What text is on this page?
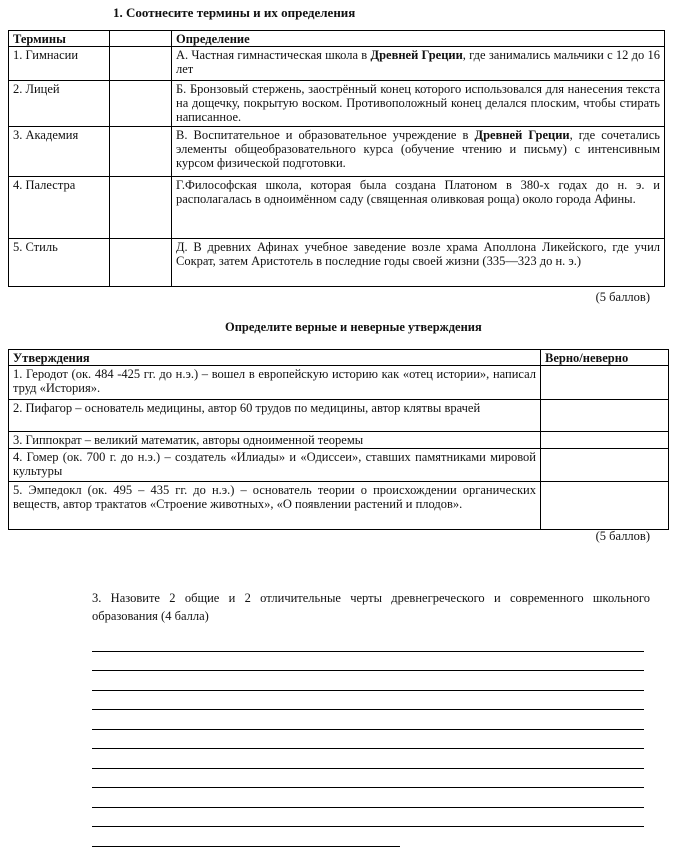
1. Соотнесите термины и их определения
Термины		Определение
1. Гимнасии		А. Частная гимнастическая школа в Древней Греции, где занимались мальчики с 12 до 16 лет
2. Лицей		Б. Бронзовый стержень, заострённый конец которого использовался для нанесения текста на дощечку, покрытую воском. Противоположный конец делался плоским, чтобы стирать написанное.
3. Академия		В. Воспитательное и образовательное учреждение в Древней Греции, где сочетались элементы общеобразовательного курса (обучение чтению и письму) с интенсивным курсом физической подготовки.
4. Палестра		Г.Философская школа, которая была создана Платоном в 380-х годах до н. э. и располагалась в одноимённом саду (священная оливковая роща) около города Афины.
5. Стиль		Д. В древних Афинах учебное заведение возле храма Аполлона Ликейского, где учил Сократ, затем Аристотель в последние годы своей жизни (335—323 до н. э.)
(5 баллов)
Определите верные и неверные утверждения
Утверждения	Верно/неверно
1. Геродот (ок. 484 -425 гг. до н.э.) – вошел в европейскую историю как «отец истории», написал труд «История».	
2. Пифагор – основатель медицины, автор 60 трудов по медицины, автор клятвы врачей	
3. Гиппократ – великий математик, авторы одноименной теоремы	
4. Гомер (ок. 700 г. до н.э.) – создатель «Илиады» и «Одиссеи», ставших памятниками мировой культуры	
5. Эмпедокл (ок. 495 – 435 гг. до н.э.) – основатель теории о происхождении органических веществ, автор трактатов «Строение животных», «О появлении растений и плодов».	
(5 баллов)
3. Назовите 2 общие и 2 отличительные черты древнегреческого и современного школьного образования (4 балла)
